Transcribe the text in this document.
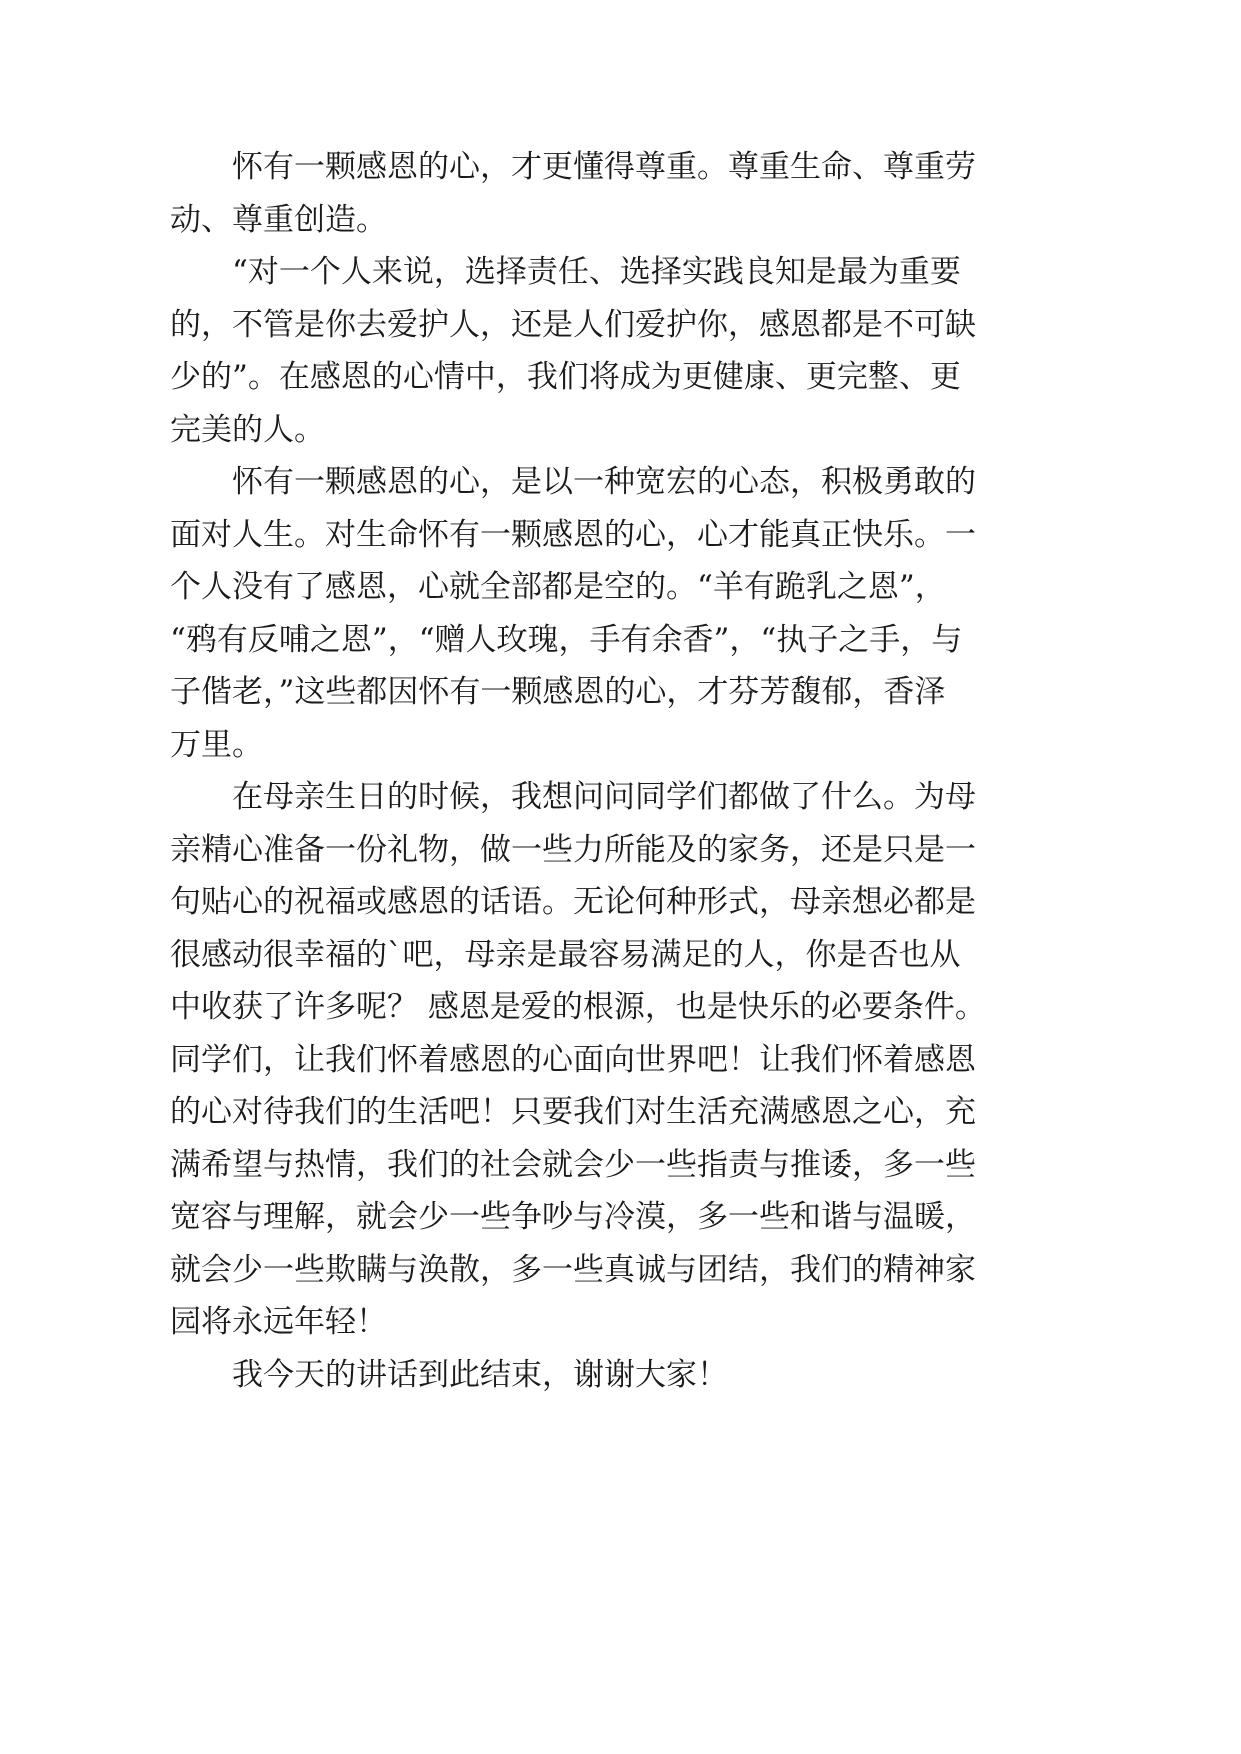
怀有一颗感恩的心，才更懂得尊重。尊重生命、尊重劳

动、尊重创造。

“对一个人来说，选择责任、选择实践良知是最为重要

的，不管是你去爱护人，还是人们爱护你，感恩都是不可缺

少的”。在感恩的心情中，我们将成为更健康、更完整、更

完美的人。

怀有一颗感恩的心，是以一种宽宏的心态，积极勇敢的

面对人生。对生命怀有一颗感恩的心，心才能真正快乐。一

个人没有了感恩，心就全部都是空的。“羊有跪乳之恩”，

“鸦有反哺之恩”，“赠人玫瑰，手有余香”，“执子之手，与

子偕老，”这些都因怀有一颗感恩的心，才芬芳馥郁，香泽

万里。

在母亲生日的时候，我想问问同学们都做了什么。为母

亲精心准备一份礼物，做一些力所能及的家务，还是只是一

句贴心的祝福或感恩的话语。无论何种形式，母亲想必都是

很感动很幸福的`吧，母亲是最容易满足的人，你是否也从

中收获了许多呢？ 感恩是爱的根源，也是快乐的必要条件。

同学们，让我们怀着感恩的心面向世界吧！让我们怀着感恩

的心对待我们的生活吧！只要我们对生活充满感恩之心，充

满希望与热情，我们的社会就会少一些指责与推诿，多一些

宽容与理解，就会少一些争吵与冷漠，多一些和谐与温暖，

就会少一些欺瞒与涣散，多一些真诚与团结，我们的精神家

园将永远年轻！

我今天的讲话到此结束，谢谢大家！
